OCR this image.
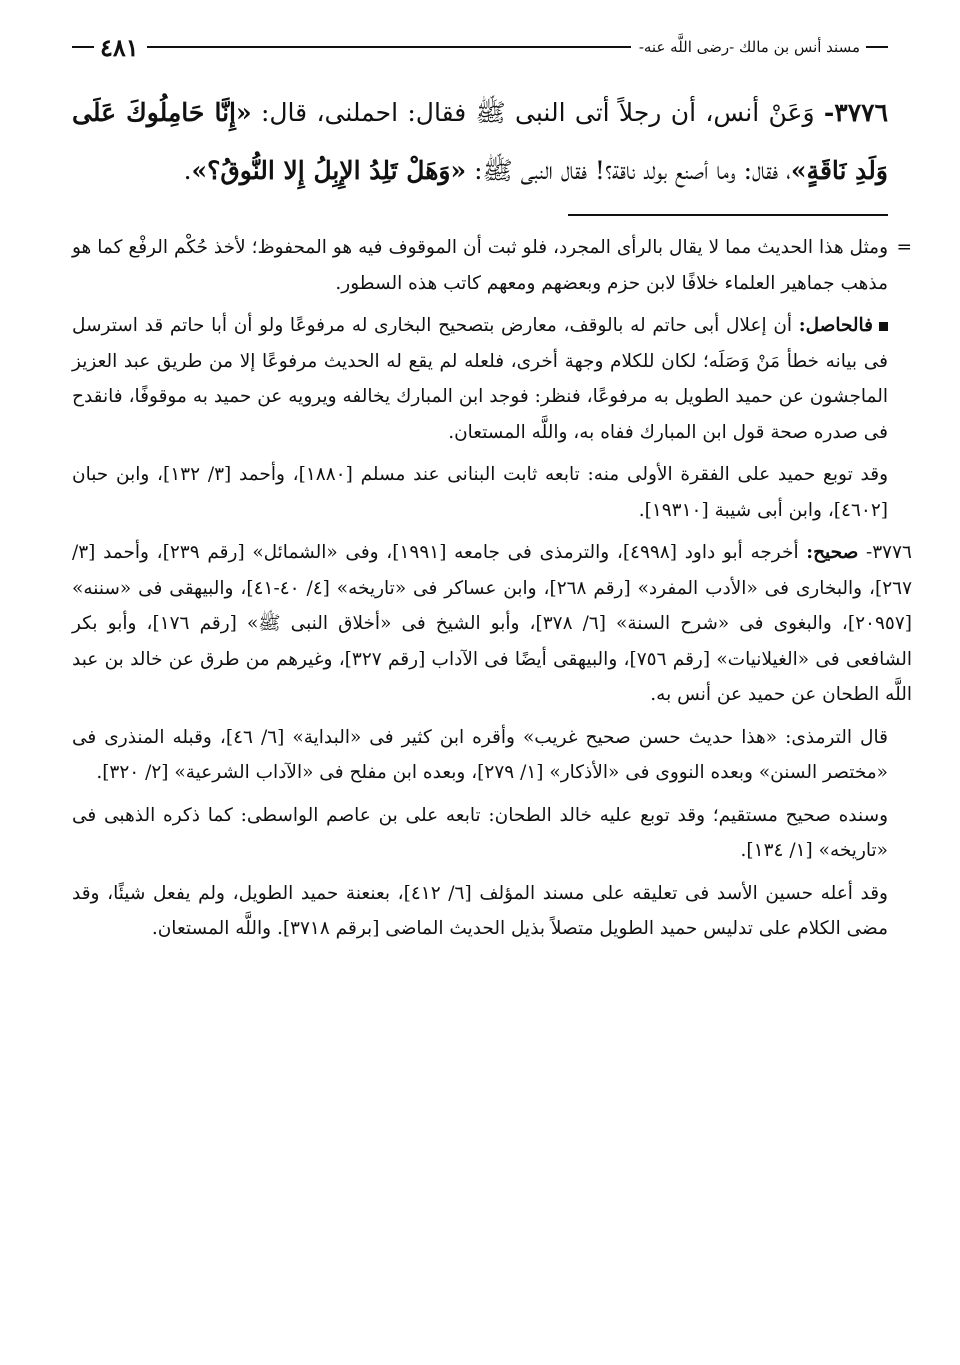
مسند أنس بن مالك -رضى اللَّه عنه-
٤٨١
٣٧٧٦- وَعَنْ أنس، أن رجلاً أتى النبى ﷺ فقال: احملنى، قال: «إِنَّا حَامِلُوكَ عَلَى وَلَدِ نَاقَةٍ»، فقال: وما أصنع بولد ناقة؟! فقال النبى ﷺ: «وَهَلْ تَلِدُ الإِبِلُ إِلا النُّوقُ؟».

=
ومثل هذا الحديث مما لا يقال بالرأى المجرد، فلو ثبت أن الموقوف فيه هو المحفوظ؛ لأخذ حُكْم الرفْع كما هو مذهب جماهير العلماء خلافًا لابن حزم وبعضهم ومعهم كاتب هذه السطور.

فالحاصل: أن إعلال أبى حاتم له بالوقف، معارض بتصحيح البخارى له مرفوعًا ولو أن أبا حاتم قد استرسل فى بيانه خطأ مَنْ وَصَلَه؛ لكان للكلام وجهة أخرى، فلعله لم يقع له الحديث مرفوعًا إلا من طريق عبد العزيز الماجشون عن حميد الطويل به مرفوعًا، فنظر: فوجد ابن المبارك يخالفه ويرويه عن حميد به موقوفًا، فانقدح فى صدره صحة قول ابن المبارك ففاه به، واللَّه المستعان.

وقد توبع حميد على الفقرة الأولى منه: تابعه ثابت البنانى عند مسلم [١٨٨٠]، وأحمد [٣/ ١٣٢]، وابن حبان [٤٦٠٢]، وابن أبى شيبة [١٩٣١٠].

٣٧٧٦- صحيح: أخرجه أبو داود [٤٩٩٨]، والترمذى فى جامعه [١٩٩١]، وفى «الشمائل» [رقم ٢٣٩]، وأحمد [٣/ ٢٦٧]، والبخارى فى «الأدب المفرد» [رقم ٢٦٨]، وابن عساكر فى «تاريخه» [٤/ ٤٠-٤١]، والبيهقى فى «سننه» [٢٠٩٥٧]، والبغوى فى «شرح السنة» [٦/ ٣٧٨]، وأبو الشيخ فى «أخلاق النبى ﷺ» [رقم ١٧٦]، وأبو بكر الشافعى فى «الغيلانيات» [رقم ٧٥٦]، والبيهقى أيضًا فى الآداب [رقم ٣٢٧]، وغيرهم من طرق عن خالد بن عبد اللَّه الطحان عن حميد عن أنس به.

قال الترمذى: «هذا حديث حسن صحيح غريب» وأقره ابن كثير فى «البداية» [٦/ ٤٦]، وقبله المنذرى فى «مختصر السنن» وبعده النووى فى «الأذكار» [١/ ٢٧٩]، وبعده ابن مفلح فى «الآداب الشرعية» [٢/ ٣٢٠].

وسنده صحيح مستقيم؛ وقد توبع عليه خالد الطحان: تابعه على بن عاصم الواسطى: كما ذكره الذهبى فى «تاريخه» [١/ ١٣٤].

وقد أعله حسين الأسد فى تعليقه على مسند المؤلف [٦/ ٤١٢]، بعنعنة حميد الطويل، ولم يفعل شيئًا، وقد مضى الكلام على تدليس حميد الطويل متصلاً بذيل الحديث الماضى [برقم ٣٧١٨]. واللَّه المستعان.
